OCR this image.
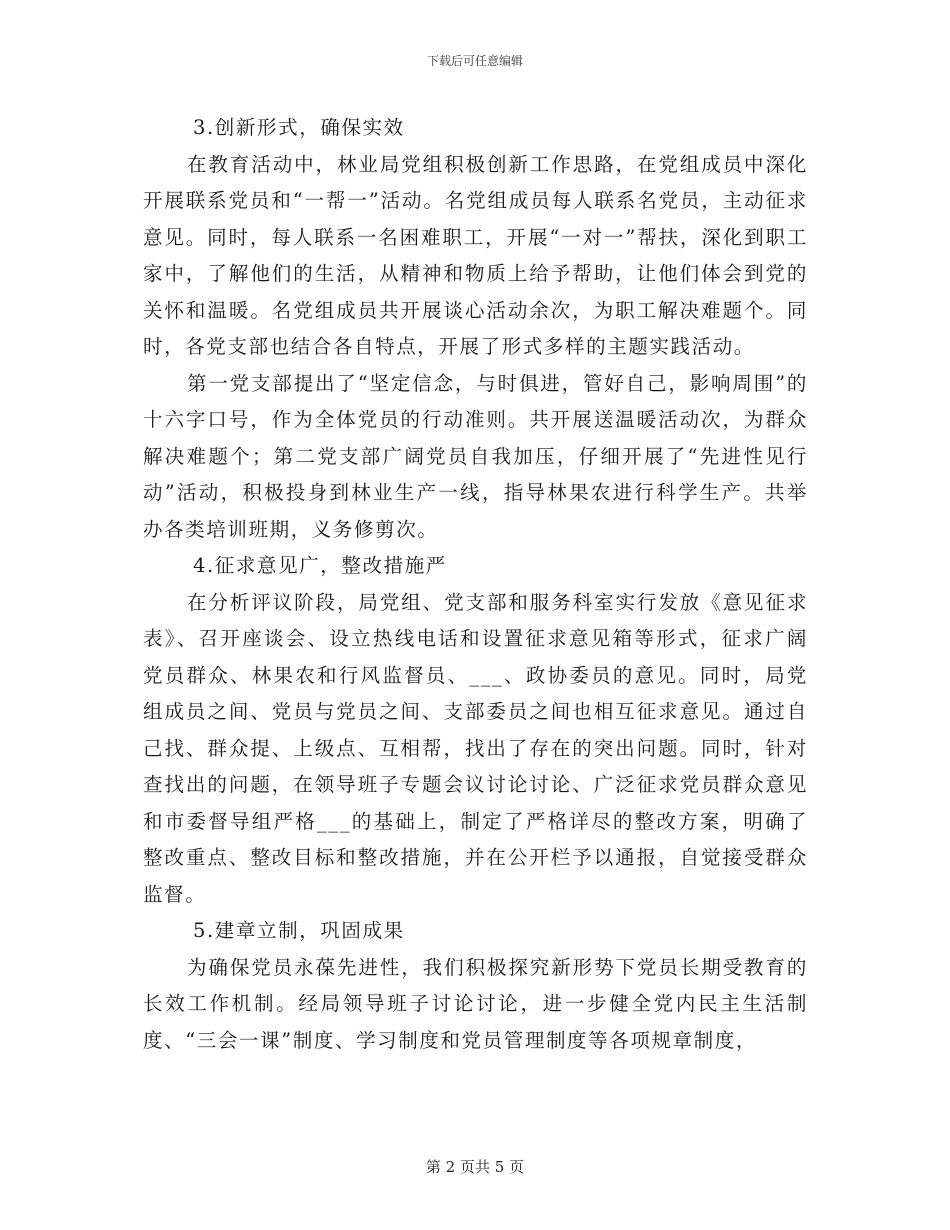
下载后可任意编辑

3.创新形式，确保实效

在教育活动中，林业局党组积极创新工作思路，在党组成员中深化开展联系党员和“一帮一”活动。名党组成员每人联系名党员，主动征求意见。同时，每人联系一名困难职工，开展“一对一”帮扶，深化到职工家中，了解他们的生活，从精神和物质上给予帮助，让他们体会到党的关怀和温暖。名党组成员共开展谈心活动余次，为职工解决难题个。同时，各党支部也结合各自特点，开展了形式多样的主题实践活动。

第一党支部提出了“坚定信念，与时俱进，管好自己，影响周围”的十六字口号，作为全体党员的行动准则。共开展送温暖活动次，为群众解决难题个；第二党支部广阔党员自我加压，仔细开展了“先进性见行动”活动，积极投身到林业生产一线，指导林果农进行科学生产。共举办各类培训班期，义务修剪次。

4.征求意见广，整改措施严

在分析评议阶段，局党组、党支部和服务科室实行发放《意见征求表》、召开座谈会、设立热线电话和设置征求意见箱等形式，征求广阔党员群众、林果农和行风监督员、___、政协委员的意见。同时，局党组成员之间、党员与党员之间、支部委员之间也相互征求意见。通过自己找、群众提、上级点、互相帮，找出了存在的突出问题。同时，针对查找出的问题，在领导班子专题会议讨论讨论、广泛征求党员群众意见和市委督导组严格___的基础上，制定了严格详尽的整改方案，明确了整改重点、整改目标和整改措施，并在公开栏予以通报，自觉接受群众监督。

5.建章立制，巩固成果

为确保党员永葆先进性，我们积极探究新形势下党员长期受教育的长效工作机制。经局领导班子讨论讨论，进一步健全党内民主生活制度、“三会一课”制度、学习制度和党员管理制度等各项规章制度，

第 2 页共 5 页
